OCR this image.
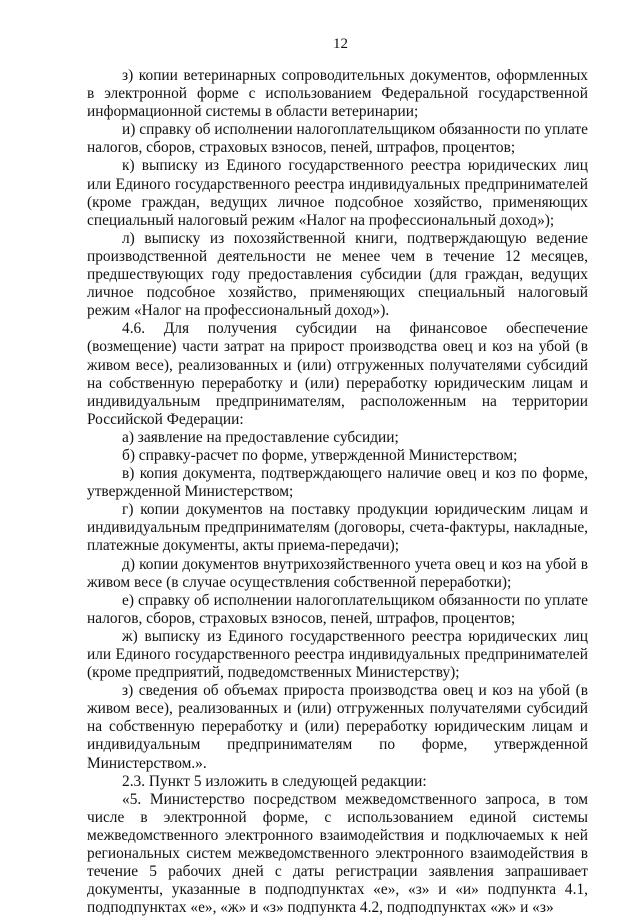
12

з) копии ветеринарных сопроводительных документов, оформленных в электронной форме с использованием Федеральной государственной информационной системы в области ветеринарии;

и) справку об исполнении налогоплательщиком обязанности по уплате налогов, сборов, страховых взносов, пеней, штрафов, процентов;

к) выписку из Единого государственного реестра юридических лиц или Единого государственного реестра индивидуальных предпринимателей (кроме граждан, ведущих личное подсобное хозяйство, применяющих специальный налоговый режим «Налог на профессиональный доход»);

л) выписку из похозяйственной книги, подтверждающую ведение производственной деятельности не менее чем в течение 12 месяцев, предшествующих году предоставления субсидии (для граждан, ведущих личное подсобное хозяйство, применяющих специальный налоговый режим «Налог на профессиональный доход»).

4.6. Для получения субсидии на финансовое обеспечение (возмещение) части затрат на прирост производства овец и коз на убой (в живом весе), реализованных и (или) отгруженных получателями субсидий на собственную переработку и (или) переработку юридическим лицам и индивидуальным предпринимателям, расположенным на территории Российской Федерации:

а) заявление на предоставление субсидии;

б) справку-расчет по форме, утвержденной Министерством;

в) копия документа, подтверждающего наличие овец и коз по форме, утвержденной Министерством;

г) копии документов на поставку продукции юридическим лицам и индивидуальным предпринимателям (договоры, счета-фактуры, накладные, платежные документы, акты приема-передачи);

д) копии документов внутрихозяйственного учета овец и коз на убой в живом весе (в случае осуществления собственной переработки);

е) справку об исполнении налогоплательщиком обязанности по уплате налогов, сборов, страховых взносов, пеней, штрафов, процентов;

ж) выписку из Единого государственного реестра юридических лиц или Единого государственного реестра индивидуальных предпринимателей (кроме предприятий, подведомственных Министерству);

з) сведения об объемах прироста производства овец и коз на убой (в живом весе), реализованных и (или) отгруженных получателями субсидий на собственную переработку и (или) переработку юридическим лицам и индивидуальным предпринимателям по форме, утвержденной Министерством.».

2.3. Пункт 5 изложить в следующей редакции:

«5. Министерство посредством межведомственного запроса, в том числе в электронной форме, с использованием единой системы межведомственного электронного взаимодействия и подключаемых к ней региональных систем межведомственного электронного взаимодействия в течение 5 рабочих дней с даты регистрации заявления запрашивает документы, указанные в подподпунктах «е», «з» и «и» подпункта 4.1, подподпунктах «е», «ж» и «з» подпункта 4.2, подподпунктах «ж» и «з»
